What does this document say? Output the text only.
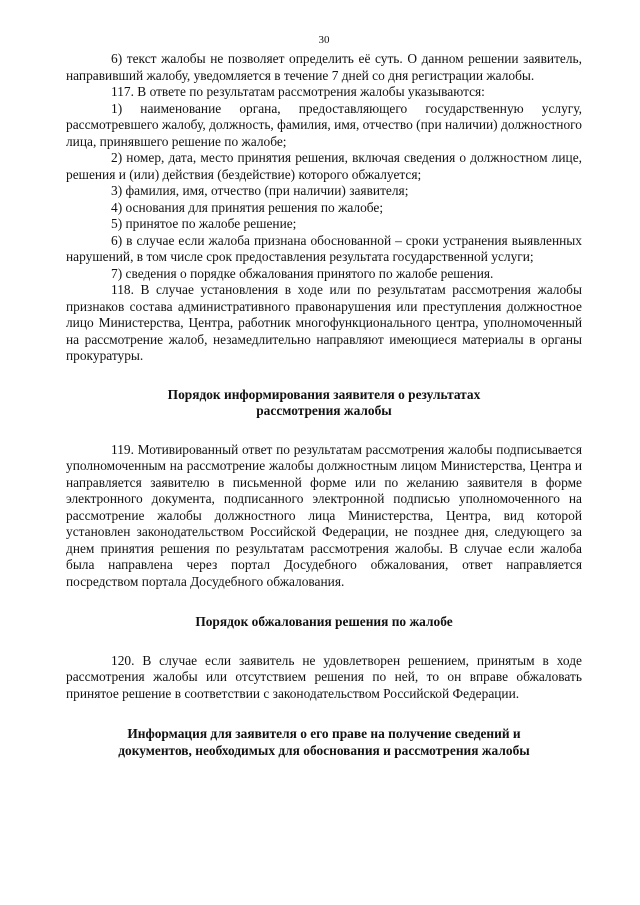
30

6) текст жалобы не позволяет определить её суть. О данном решении заявитель, направивший жалобу, уведомляется в течение 7 дней со дня регистрации жалобы.

117. В ответе по результатам рассмотрения жалобы указываются:

1) наименование органа, предоставляющего государственную услугу, рассмотревшего жалобу, должность, фамилия, имя, отчество (при наличии) должностного лица, принявшего решение по жалобе;

2) номер, дата, место принятия решения, включая сведения о должностном лице, решения и (или) действия (бездействие) которого обжалуется;

3) фамилия, имя, отчество (при наличии) заявителя;

4) основания для принятия решения по жалобе;

5) принятое по жалобе решение;

6) в случае если жалоба признана обоснованной – сроки устранения выявленных нарушений, в том числе срок предоставления результата государственной услуги;

7) сведения о порядке обжалования принятого по жалобе решения.

118. В случае установления в ходе или по результатам рассмотрения жалобы признаков состава административного правонарушения или преступления должностное лицо Министерства, Центра, работник многофункционального центра, уполномоченный на рассмотрение жалоб, незамедлительно направляют имеющиеся материалы в органы прокуратуры.

Порядок информирования заявителя о результатах
рассмотрения жалобы

119. Мотивированный ответ по результатам рассмотрения жалобы подписывается уполномоченным на рассмотрение жалобы должностным лицом Министерства, Центра и направляется заявителю в письменной форме или по желанию заявителя в форме электронного документа, подписанного электронной подписью уполномоченного на рассмотрение жалобы должностного лица Министерства, Центра, вид которой установлен законодательством Российской Федерации, не позднее дня, следующего за днем принятия решения по результатам рассмотрения жалобы. В случае если жалоба была направлена через портал Досудебного обжалования, ответ направляется посредством портала Досудебного обжалования.

Порядок обжалования решения по жалобе

120. В случае если заявитель не удовлетворен решением, принятым в ходе рассмотрения жалобы или отсутствием решения по ней, то он вправе обжаловать принятое решение в соответствии с законодательством Российской Федерации.

Информация для заявителя о его праве на получение сведений и
документов, необходимых для обоснования и рассмотрения жалобы
